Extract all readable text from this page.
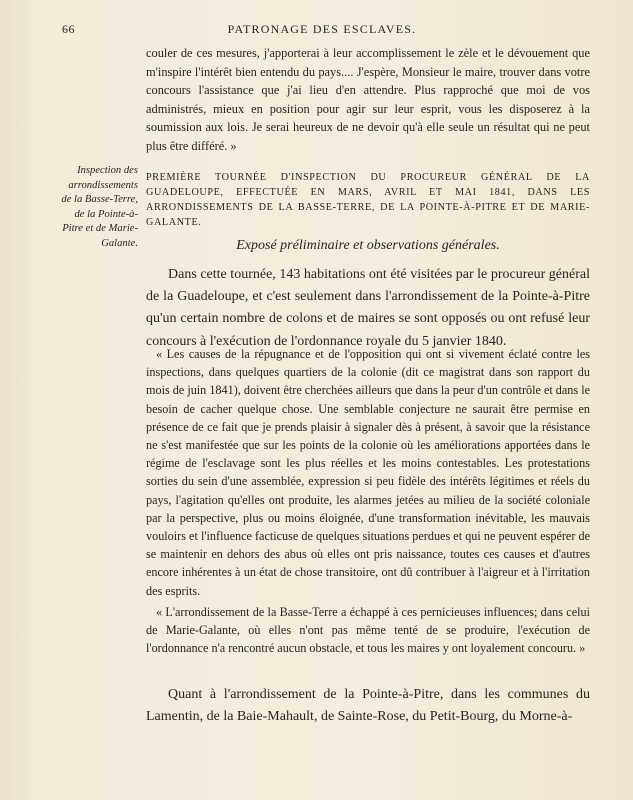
66	PATRONAGE DES ESCLAVES.
couler de ces mesures, j'apporterai à leur accomplissement le zèle et le dévouement que m'inspire l'intérêt bien entendu du pays.... J'espère, Monsieur le maire, trouver dans votre concours l'assistance que j'ai lieu d'en attendre. Plus rapproché que moi de vos administrés, mieux en position pour agir sur leur esprit, vous les disposerez à la soumission aux lois. Je serai heureux de ne devoir qu'à elle seule un résultat qui ne peut plus être différé. »
Inspection des arrondissements de la Basse-Terre, de la Pointe-à-Pitre et de Marie-Galante.
PREMIÈRE TOURNÉE D'INSPECTION DU PROCUREUR GÉNÉRAL DE LA GUADELOUPE, EFFECTUÉE EN MARS, AVRIL ET MAI 1841, DANS LES ARRONDISSEMENTS DE LA BASSE-TERRE, DE LA POINTE-À-PITRE ET DE MARIE-GALANTE.
Exposé préliminaire et observations générales.
Dans cette tournée, 143 habitations ont été visitées par le procureur général de la Guadeloupe, et c'est seulement dans l'arrondissement de la Pointe-à-Pitre qu'un certain nombre de colons et de maires se sont opposés ou ont refusé leur concours à l'exécution de l'ordonnance royale du 5 janvier 1840.
« Les causes de la répugnance et de l'opposition qui ont si vivement éclaté contre les inspections, dans quelques quartiers de la colonie (dit ce magistrat dans son rapport du mois de juin 1841), doivent être cherchées ailleurs que dans la peur d'un contrôle et dans le besoin de cacher quelque chose. Une semblable conjecture ne saurait être permise en présence de ce fait que je prends plaisir à signaler dès à présent, à savoir que la résistance ne s'est manifestée que sur les points de la colonie où les améliorations apportées dans le régime de l'esclavage sont les plus réelles et les moins contestables. Les protestations sorties du sein d'une assemblée, expression si peu fidèle des intérêts légitimes et réels du pays, l'agitation qu'elles ont produite, les alarmes jetées au milieu de la société coloniale par la perspective, plus ou moins éloignée, d'une transformation inévitable, les mauvais vouloirs et l'influence facticuse de quelques situations perdues et qui ne peuvent espérer de se maintenir en dehors des abus où elles ont pris naissance, toutes ces causes et d'autres encore inhérentes à un état de chose transitoire, ont dû contribuer à l'aigreur et à l'irritation des esprits.
« L'arrondissement de la Basse-Terre a échappé à ces pernicieuses influences; dans celui de Marie-Galante, où elles n'ont pas même tenté de se produire, l'exécution de l'ordonnance n'a rencontré aucun obstacle, et tous les maires y ont loyalement concouru. »
Quant à l'arrondissement de la Pointe-à-Pitre, dans les communes du Lamentin, de la Baie-Mahault, de Sainte-Rose, du Petit-Bourg, du Morne-à-
